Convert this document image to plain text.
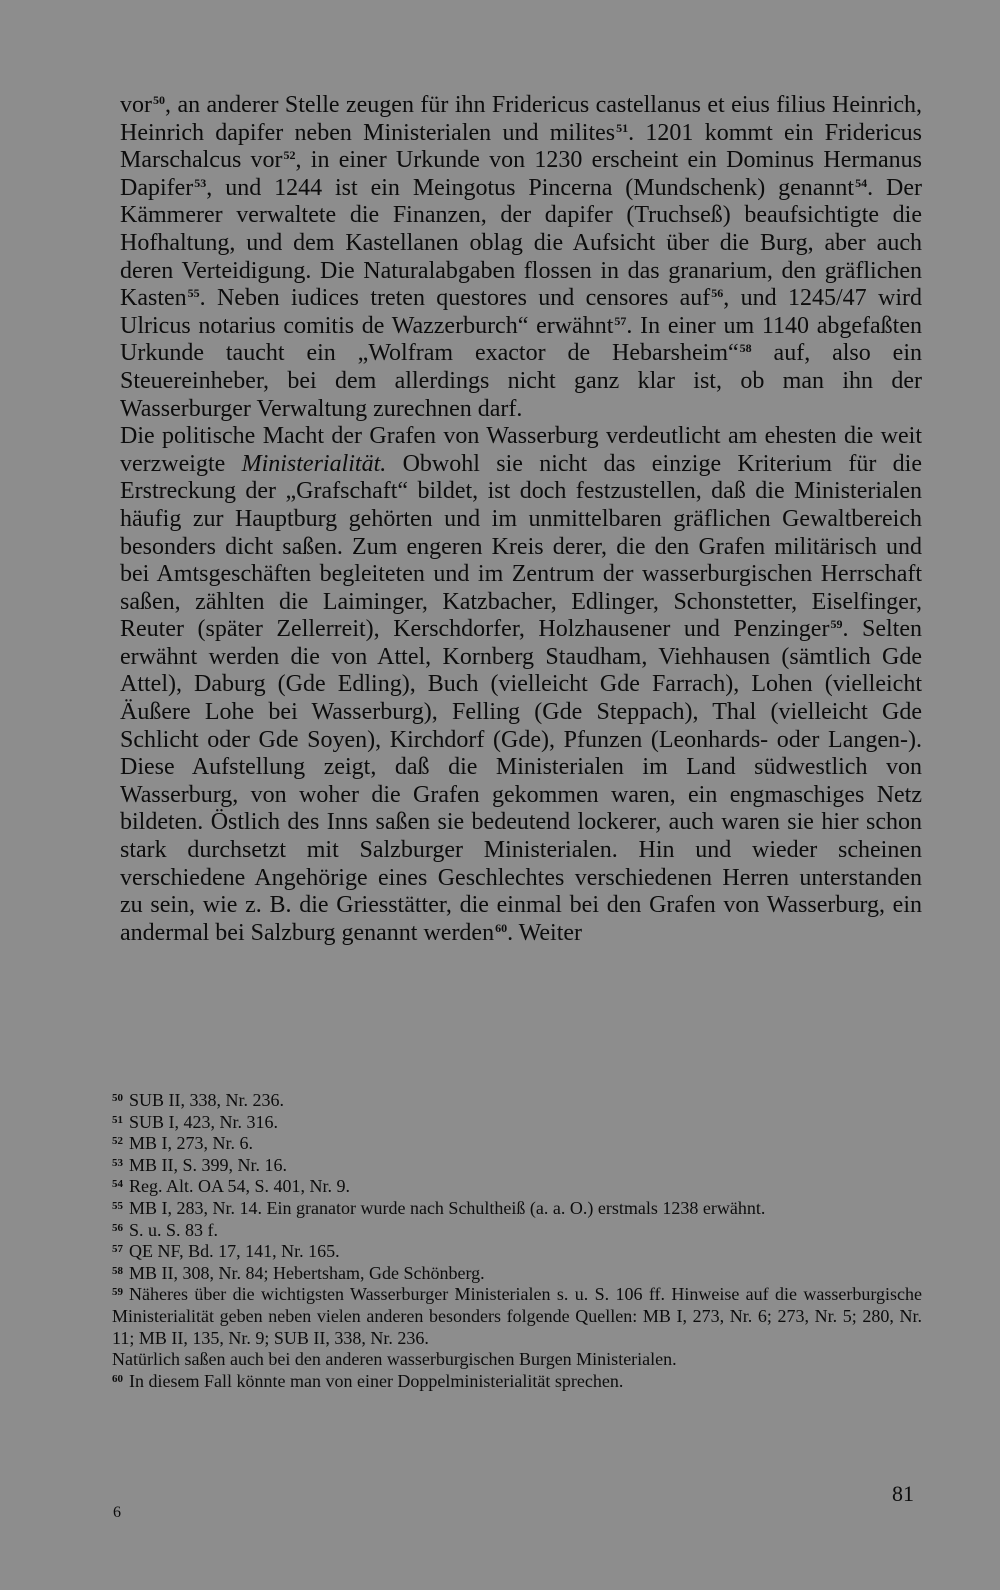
vor$^{50}$, an anderer Stelle zeugen für ihn Fridericus castellanus et eius filius Heinrich, Heinrich dapifer neben Ministerialen und milites$^{51}$. 1201 kommt ein Fridericus Marschalcus vor$^{52}$, in einer Urkunde von 1230 erscheint ein Dominus Hermanus Dapifer$^{53}$, und 1244 ist ein Meingotus Pincerna (Mundschenk) genannt$^{54}$. Der Kämmerer verwaltete die Finanzen, der dapifer (Truchseß) beaufsichtigte die Hofhaltung, und dem Kastellanen oblag die Aufsicht über die Burg, aber auch deren Verteidigung. Die Naturalabgaben flossen in das granarium, den gräflichen Kasten$^{55}$. Neben iudices treten questores und censores auf$^{56}$, und 1245/47 wird Ulricus notarius comitis de Wazzerburch“ erwähnt$^{57}$. In einer um 1140 abgefaßten Urkunde taucht ein „Wolfram exactor de Hebarsheim“$^{58}$ auf, also ein Steuereinheber, bei dem allerdings nicht ganz klar ist, ob man ihn der Wasserburger Verwaltung zurechnen darf.

Die politische Macht der Grafen von Wasserburg verdeutlicht am ehesten die weit verzweigte Ministerialität. Obwohl sie nicht das einzige Kriterium für die Erstreckung der „Grafschaft“ bildet, ist doch festzustellen, daß die Ministerialen häufig zur Hauptburg gehörten und im unmittelbaren gräflichen Gewaltbereich besonders dicht saßen. Zum engeren Kreis derer, die den Grafen militärisch und bei Amtsgeschäften begleiteten und im Zentrum der wasserburgischen Herrschaft saßen, zählten die Laiminger, Katzbacher, Edlinger, Schonstetter, Eiselfinger, Reuter (später Zellerreit), Kerschdorfer, Holzhausener und Penzinger$^{59}$. Selten erwähnt werden die von Attel, Kornberg Staudham, Viehhausen (sämtlich Gde Attel), Daburg (Gde Edling), Buch (vielleicht Gde Farrach), Lohen (vielleicht Äußere Lohe bei Wasserburg), Felling (Gde Steppach), Thal (vielleicht Gde Schlicht oder Gde Soyen), Kirchdorf (Gde), Pfunzen (Leonhards- oder Langen-). Diese Aufstellung zeigt, daß die Ministerialen im Land südwestlich von Wasserburg, von woher die Grafen gekommen waren, ein engmaschiges Netz bildeten. Östlich des Inns saßen sie bedeutend lockerer, auch waren sie hier schon stark durchsetzt mit Salzburger Ministerialen. Hin und wieder scheinen verschiedene Angehörige eines Geschlechtes verschiedenen Herren unterstanden zu sein, wie z. B. die Griesstätter, die einmal bei den Grafen von Wasserburg, ein andermal bei Salzburg genannt werden$^{60}$. Weiter

$^{50}$ SUB II, 338, Nr. 236.

$^{51}$ SUB I, 423, Nr. 316.

$^{52}$ MB I, 273, Nr. 6.

$^{53}$ MB II, S. 399, Nr. 16.

$^{54}$ Reg. Alt. OA 54, S. 401, Nr. 9.

$^{55}$ MB I, 283, Nr. 14. Ein granator wurde nach Schultheiß (a. a. O.) erstmals 1238 erwähnt.

$^{56}$ S. u. S. 83 f.

$^{57}$ QE NF, Bd. 17, 141, Nr. 165.

$^{58}$ MB II, 308, Nr. 84; Hebertsham, Gde Schönberg.

$^{59}$ Näheres über die wichtigsten Wasserburger Ministerialen s. u. S. 106 ff. Hinweise auf die wasserburgische Ministerialität geben neben vielen anderen besonders folgende Quellen: MB I, 273, Nr. 6; 273, Nr. 5; 280, Nr. 11; MB II, 135, Nr. 9; SUB II, 338, Nr. 236.

Natürlich saßen auch bei den anderen wasserburgischen Burgen Ministerialen.

$^{60}$ In diesem Fall könnte man von einer Doppelministerialität sprechen.

81
6
